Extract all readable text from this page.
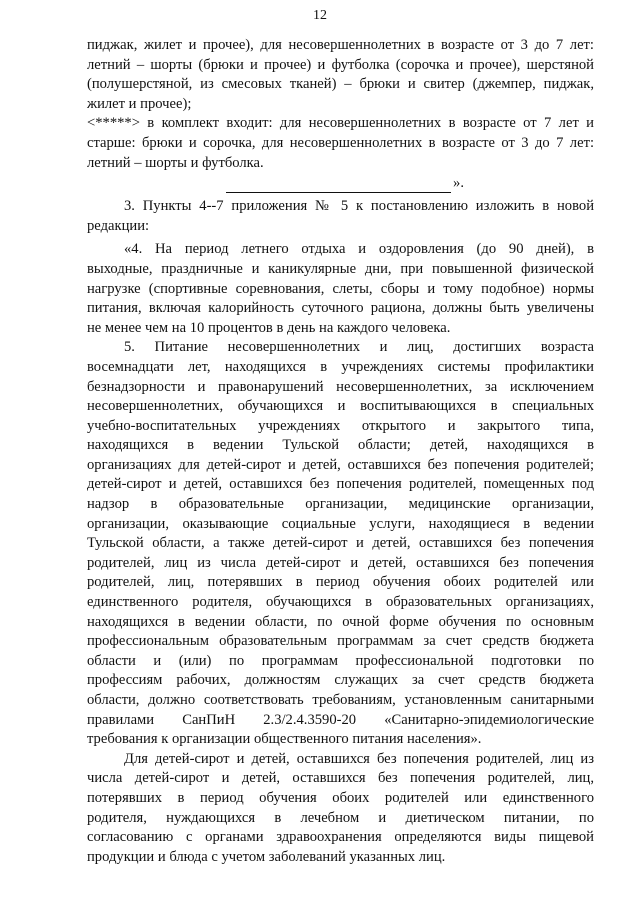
12

пиджак, жилет и прочее), для несовершеннолетних в возрасте от 3 до 7 лет:
летний – шорты (брюки и прочее) и футболка (сорочка и прочее), шерстяной
(полушерстяной, из смесовых тканей) – брюки и свитер (джемпер, пиджак,
жилет и прочее);

<*****> в комплект входит: для несовершеннолетних в возрасте от 7 лет и
старше: брюки и сорочка, для несовершеннолетних в возрасте от 3 до 7 лет:
летний – шорты и футболка.

».

3. Пункты 4--7 приложения № 5 к постановлению изложить в новой
редакции:

«4. На период летнего отдыха и оздоровления (до 90 дней), в
выходные, праздничные и каникулярные дни, при повышенной физической
нагрузке (спортивные соревнования, слеты, сборы и тому подобное) нормы
питания, включая калорийность суточного рациона, должны быть увеличены
не менее чем на 10 процентов в день на каждого человека.

5. Питание несовершеннолетних и лиц, достигших возраста
восемнадцати лет, находящихся в учреждениях системы профилактики
безнадзорности и правонарушений несовершеннолетних, за исключением
несовершеннолетних, обучающихся и воспитывающихся в специальных
учебно-воспитательных учреждениях открытого и закрытого типа,
находящихся в ведении Тульской области; детей, находящихся в
организациях для детей-сирот и детей, оставшихся без попечения родителей;
детей-сирот и детей, оставшихся без попечения родителей, помещенных под
надзор в образовательные организации, медицинские организации,
организации, оказывающие социальные услуги, находящиеся в ведении
Тульской области, а также детей-сирот и детей, оставшихся без попечения
родителей, лиц из числа детей-сирот и детей, оставшихся без попечения
родителей, лиц, потерявших в период обучения обоих родителей или
единственного родителя, обучающихся в образовательных организациях,
находящихся в ведении области, по очной форме обучения по основным
профессиональным образовательным программам за счет средств бюджета
области и (или) по программам профессиональной подготовки по
профессиям рабочих, должностям служащих за счет средств бюджета
области, должно соответствовать требованиям, установленным санитарными
правилами СанПиН 2.3/2.4.3590-20 «Санитарно-эпидемиологические
требования к организации общественного питания населения».

Для детей-сирот и детей, оставшихся без попечения родителей, лиц из
числа детей-сирот и детей, оставшихся без попечения родителей, лиц,
потерявших в период обучения обоих родителей или единственного
родителя, нуждающихся в лечебном и диетическом питании, по
согласованию с органами здравоохранения определяются виды пищевой
продукции и блюда с учетом заболеваний указанных лиц.
